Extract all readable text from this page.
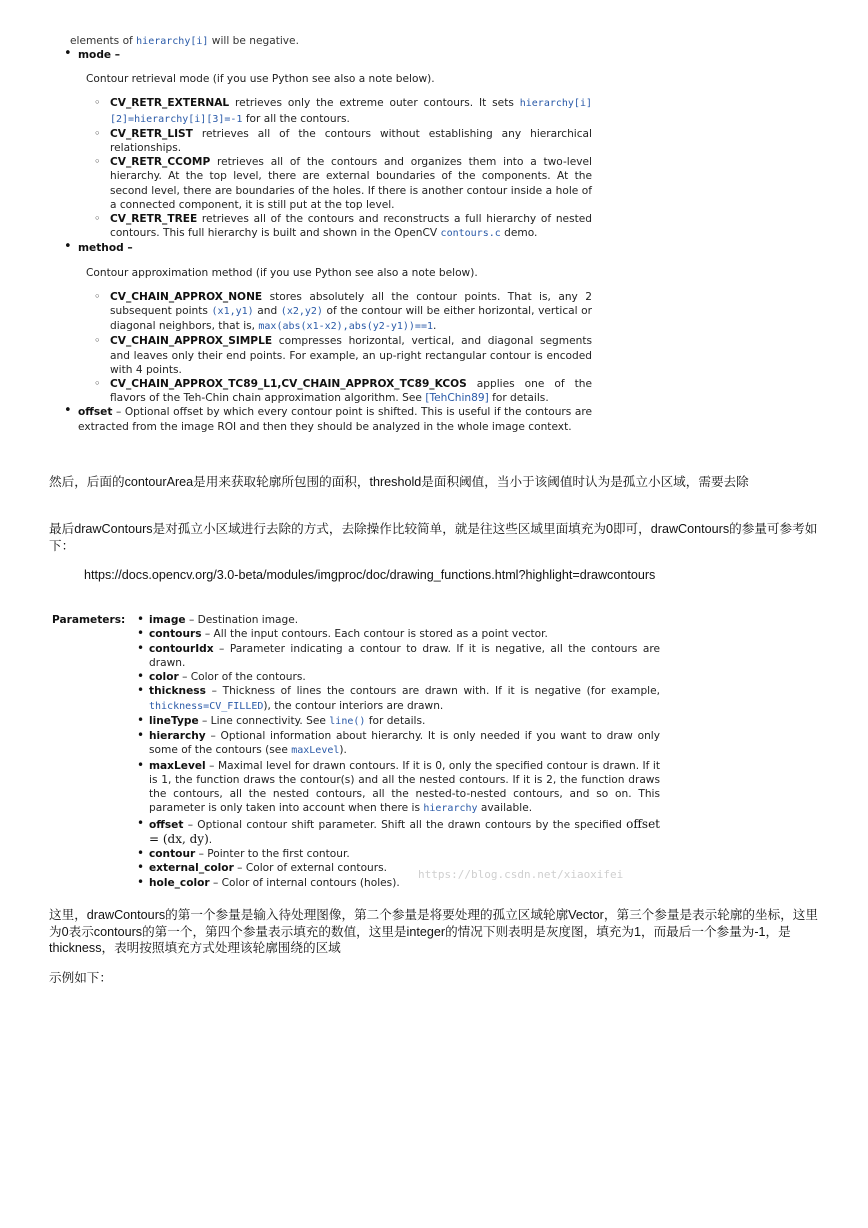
elements of hierarchy[i] will be negative.
• mode –
Contour retrieval mode (if you use Python see also a note below).
◦ CV_RETR_EXTERNAL retrieves only the extreme outer contours. It sets hierarchy[i][2]=hierarchy[i][3]=-1 for all the contours.
◦ CV_RETR_LIST retrieves all of the contours without establishing any hierarchical relationships.
◦ CV_RETR_CCOMP retrieves all of the contours and organizes them into a two-level hierarchy. At the top level, there are external boundaries of the components. At the second level, there are boundaries of the holes. If there is another contour inside a hole of a connected component, it is still put at the top level.
◦ CV_RETR_TREE retrieves all of the contours and reconstructs a full hierarchy of nested contours. This full hierarchy is built and shown in the OpenCV contours.c demo.
• method –
Contour approximation method (if you use Python see also a note below).
◦ CV_CHAIN_APPROX_NONE stores absolutely all the contour points. That is, any 2 subsequent points (x1,y1) and (x2,y2) of the contour will be either horizontal, vertical or diagonal neighbors, that is, max(abs(x1-x2),abs(y2-y1))==1.
◦ CV_CHAIN_APPROX_SIMPLE compresses horizontal, vertical, and diagonal segments and leaves only their end points. For example, an up-right rectangular contour is encoded with 4 points.
◦ CV_CHAIN_APPROX_TC89_L1,CV_CHAIN_APPROX_TC89_KCOS applies one of the flavors of the Teh-Chin chain approximation algorithm. See [TehChin89] for details.
• offset – Optional offset by which every contour point is shifted. This is useful if the contours are extracted from the image ROI and then they should be analyzed in the whole image context.
然后，后面的contourArea是用来获取轮廓所包围的面积，threshold是面积阈值，当小于该阈值时认为是孤立小区域，需要去除
最后drawContours是对孤立小区域进行去除的方式，去除操作比较简单，就是往这些区域里面填充为0即可，drawContours的参量可参考如下：
https://docs.opencv.org/3.0-beta/modules/imgproc/doc/drawing_functions.html?highlight=drawcontours
Parameters:
•	image – Destination image.
• contours – All the input contours. Each contour is stored as a point vector.
• contourIdx – Parameter indicating a contour to draw. If it is negative, all the contours are drawn.
• color – Color of the contours.
• thickness – Thickness of lines the contours are drawn with. If it is negative (for example, thickness=CV_FILLED), the contour interiors are drawn.
• lineType – Line connectivity. See line() for details.
• hierarchy – Optional information about hierarchy. It is only needed if you want to draw only some of the contours (see maxLevel).
• maxLevel – Maximal level for drawn contours. If it is 0, only the specified contour is drawn. If it is 1, the function draws the contour(s) and all the nested contours. If it is 2, the function draws the contours, all the nested contours, all the nested-to-nested contours, and so on. This parameter is only taken into account when there is hierarchy available.
• offset – Optional contour shift parameter. Shift all the drawn contours by the specified offset = (dx, dy).
• contour – Pointer to the first contour.
• external_color – Color of external contours.
• hole_color – Color of internal contours (holes).
https://blog.csdn.net/xiaoxifei
这里，drawContours的第一个参量是输入待处理图像，第二个参量是将要处理的孤立区域轮廓Vector，第三个参量是表示轮廓的坐标，这里为0表示contours的第一个，第四个参量表示填充的数值，这里是integer的情况下则表明是灰度图，填充为1，而最后一个参量为-1，是thickness，表明按照填充方式处理该轮廓围绕的区域
示例如下：
